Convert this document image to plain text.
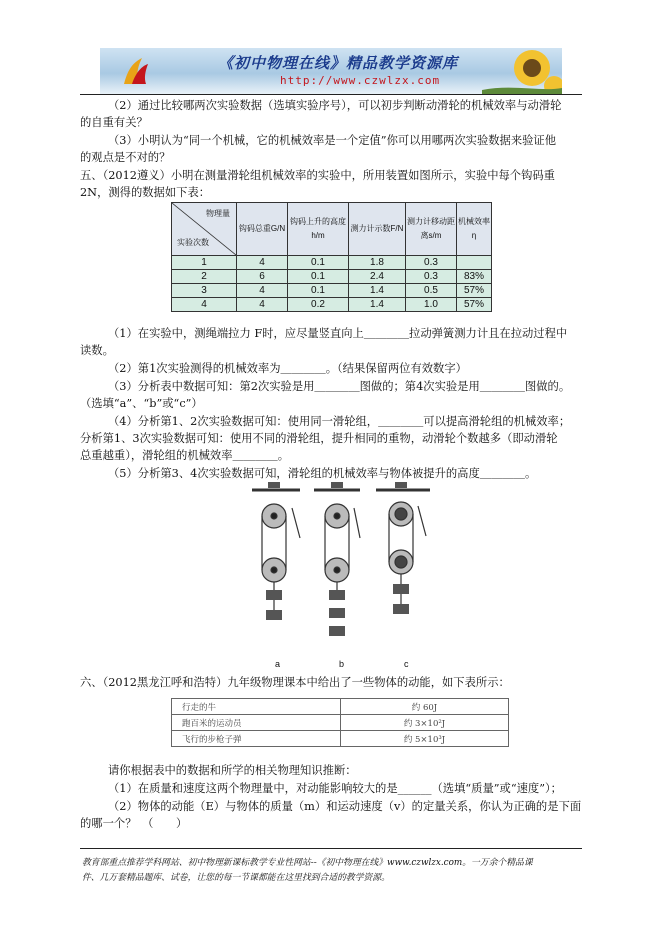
《初中物理在线》精品教学资源库
http://www.czwlzx.com
（2）通过比较哪两次实验数据（选填实验序号），可以初步判断动滑轮的机械效率与动滑轮
的自重有关？
（3）小明认为“同一个机械，它的机械效率是一个定值”你可以用哪两次实验数据来验证他
的观点是不对的？
五、（2012遵义）小明在测量滑轮组机械效率的实验中，所用装置如图所示，实验中每个钩码重
2N，测得的数据如下表：
物理量
实验次数	钩码总重G/N	钩码上升的高度h/m	测力计示数F/N	测力计移动距离s/m	机械效率η
1	4	0.1	1.8	0.3	
2	6	0.1	2.4	0.3	83%
3	4	0.1	1.4	0.5	57%
4	4	0.2	1.4	1.0	57%
（1）在实验中，测绳端拉力 F时，应尽量竖直向上＿＿＿＿拉动弹簧测力计且在拉动过程中
读数。
（2）第1次实验测得的机械效率为＿＿＿＿。（结果保留两位有效数字）
（3）分析表中数据可知：第2次实验是用＿＿＿＿图做的；第4次实验是用＿＿＿＿图做的。
（选填“a”、“b”或“c”）
（4）分析第1、2次实验数据可知：使用同一滑轮组，＿＿＿＿可以提高滑轮组的机械效率；
分析第1、3次实验数据可知：使用不同的滑轮组，提升相同的重物，动滑轮个数越多（即动滑轮
总重越重），滑轮组的机械效率＿＿＿＿。
（5）分析第3、4次实验数据可知，滑轮组的机械效率与物体被提升的高度＿＿＿＿。
a	b	c
六、（2012黑龙江呼和浩特）九年级物理课本中给出了一些物体的动能，如下表所示：
行走的牛	约 60J
跑百米的运动员	约 3×10²J
飞行的步枪子弹	约 5×10³J
请你根据表中的数据和所学的相关物理知识推断：
（1）在质量和速度这两个物理量中，对动能影响较大的是______（选填“质量”或“速度”）；
（2）物体的动能（E）与物体的质量（m）和运动速度（v）的定量关系，你认为正确的是下面
的哪一个？　（　　）
教育部重点推荐学科网站、初中物理新课标教学专业性网站--《初中物理在线》www.czwlzx.com。一万余个精品课
件、几万套精品题库、试卷，让您的每一节课都能在这里找到合适的教学资源。
